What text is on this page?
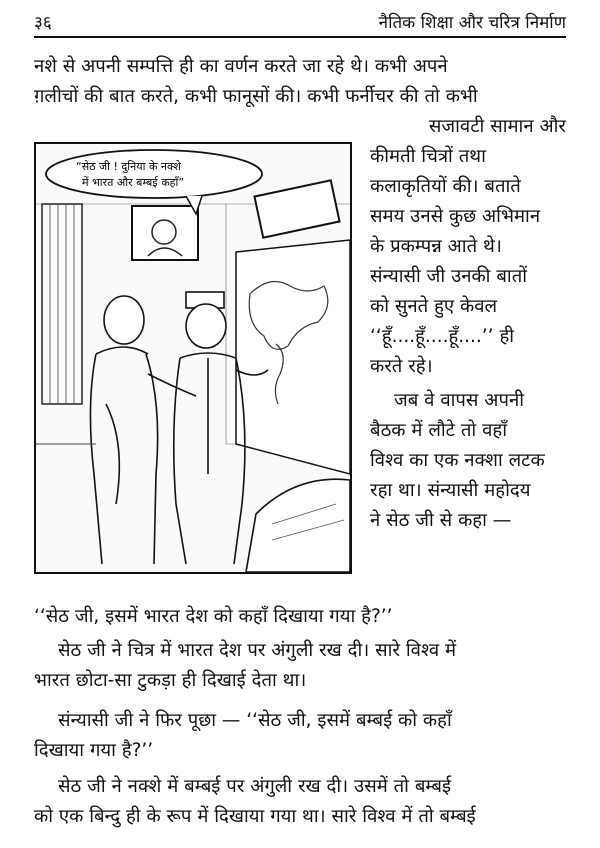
३६	नैतिक शिक्षा और चरित्र निर्माण
नशे से अपनी सम्पत्ति ही का वर्णन करते जा रहे थे। कभी अपने
ग़लीचों की बात करते, कभी फानूसों की। कभी फर्नीचर की तो कभी
सजावटी सामान और
कीमती चित्रों तथा
कलाकृतियों की। बताते
समय उनसे कुछ अभिमान
के प्रकम्पन्न आते थे।
संन्यासी जी उनकी बातों
को सुनते हुए केवल
‘‘हूँ....हूँ....हूँ....’’ ही
करते रहे।
जब वे वापस अपनी
बैठक में लौटे तो वहाँ
विश्व का एक नक्शा लटक
रहा था। संन्यासी महोदय
ने सेठ जी से कहा —
“सेठ जी ! दुनिया के नक्शे
में भारत और बम्बई कहाँ”
‘‘सेठ जी, इसमें भारत देश को कहाँ दिखाया गया है?’’
सेठ जी ने चित्र में भारत देश पर अंगुली रख दी। सारे विश्व में
भारत छोटा-सा टुकड़ा ही दिखाई देता था।
संन्यासी जी ने फिर पूछा — ‘‘सेठ जी, इसमें बम्बई को कहाँ
दिखाया गया है?’’
सेठ जी ने नक्शे में बम्बई पर अंगुली रख दी। उसमें तो बम्बई
को एक बिन्दु ही के रूप में दिखाया गया था। सारे विश्व में तो बम्बई
